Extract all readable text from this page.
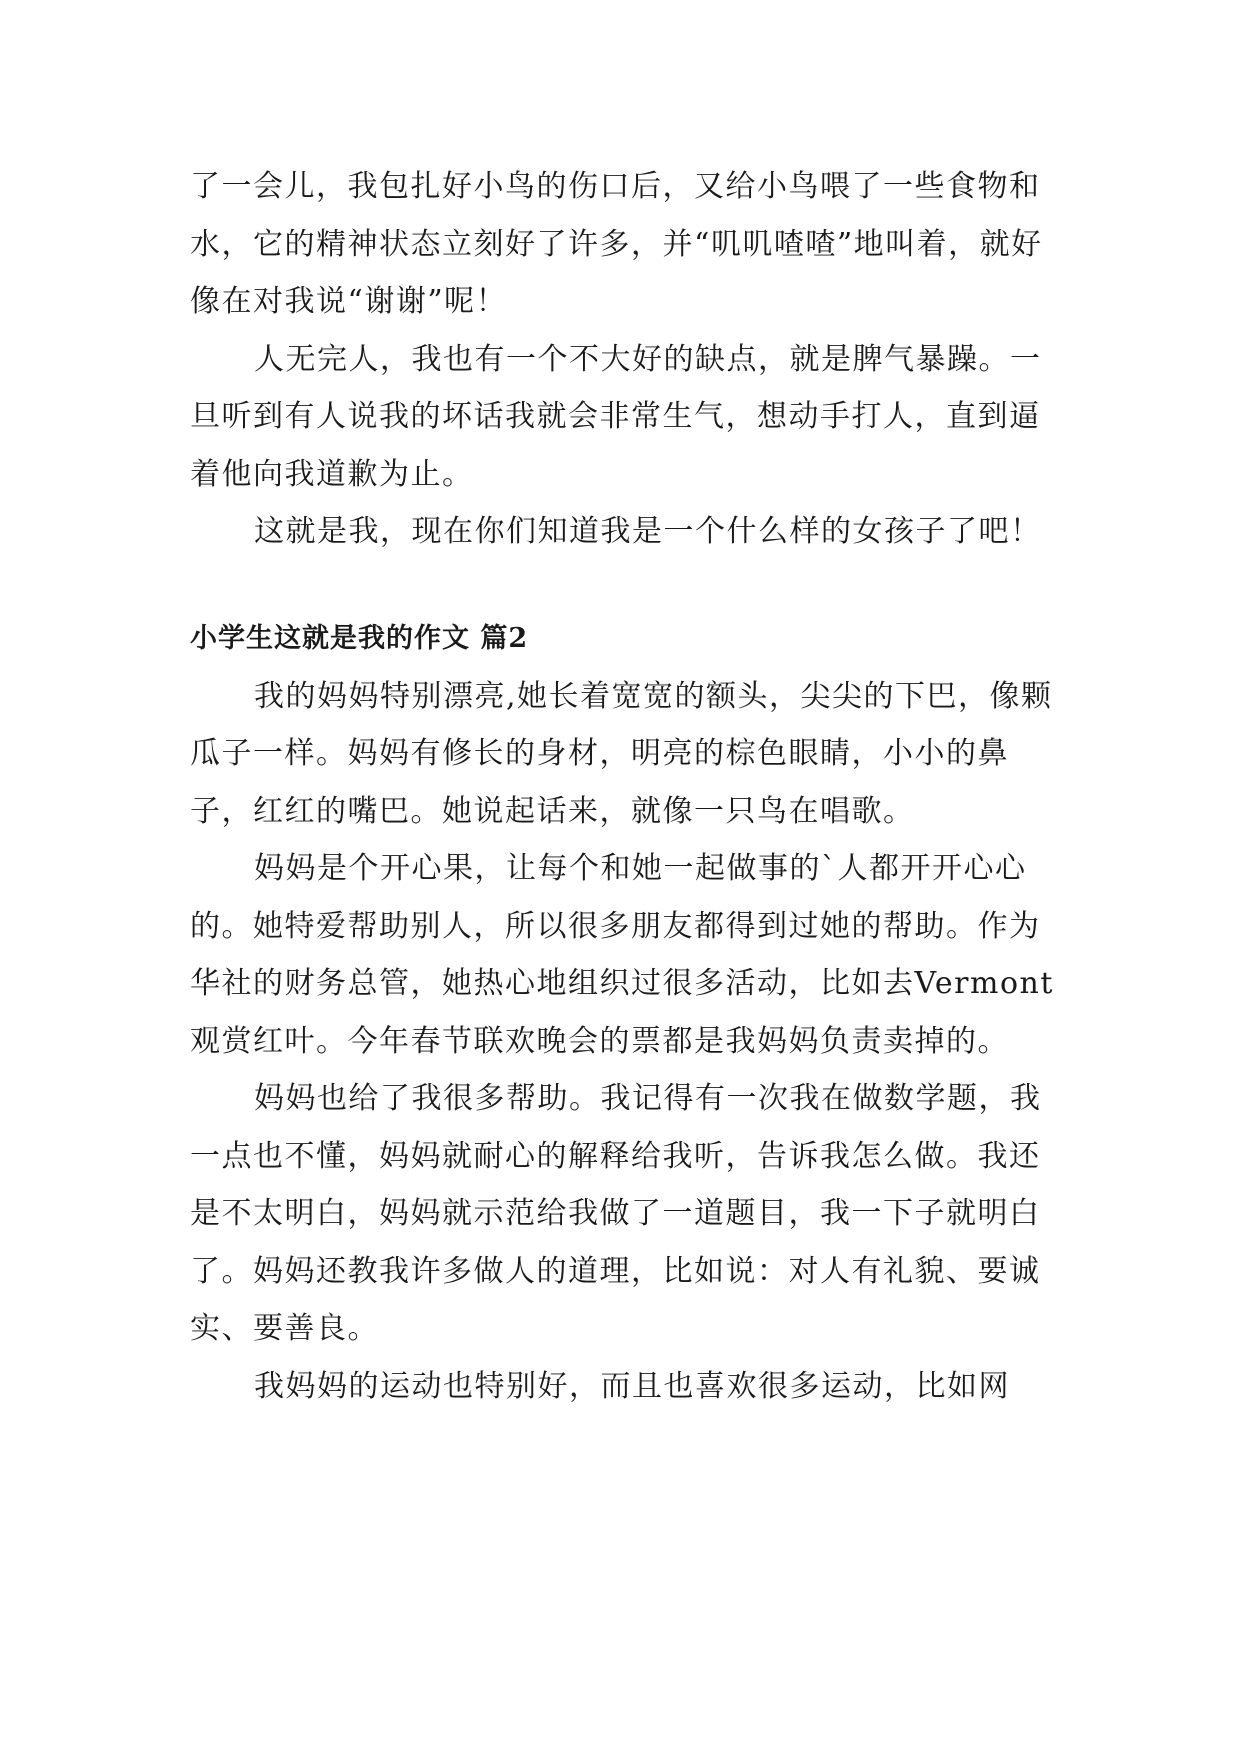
了一会儿，我包扎好小鸟的伤口后，又给小鸟喂了一些食物和水，它的精神状态立刻好了许多，并“叽叽喳喳”地叫着，就好像在对我说“谢谢”呢！

人无完人，我也有一个不大好的缺点，就是脾气暴躁。一旦听到有人说我的坏话我就会非常生气，想动手打人，直到逼着他向我道歉为止。

这就是我，现在你们知道我是一个什么样的女孩子了吧！

小学生这就是我的作文 篇2

我的妈妈特别漂亮,她长着宽宽的额头，尖尖的下巴，像颗瓜子一样。妈妈有修长的身材，明亮的棕色眼睛，小小的鼻子，红红的嘴巴。她说起话来，就像一只鸟在唱歌。

妈妈是个开心果，让每个和她一起做事的`人都开开心心的。她特爱帮助别人，所以很多朋友都得到过她的帮助。作为华社的财务总管，她热心地组织过很多活动，比如去Vermont 观赏红叶。今年春节联欢晚会的票都是我妈妈负责卖掉的。

妈妈也给了我很多帮助。我记得有一次我在做数学题，我一点也不懂，妈妈就耐心的解释给我听，告诉我怎么做。我还是不太明白，妈妈就示范给我做了一道题目，我一下子就明白了。妈妈还教我许多做人的道理，比如说：对人有礼貌、要诚实、要善良。

我妈妈的运动也特别好，而且也喜欢很多运动，比如网
